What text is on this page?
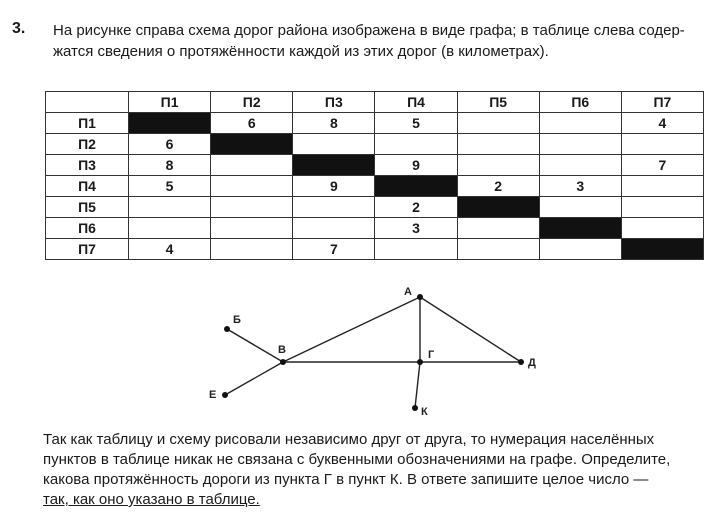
3. На рисунке справа схема дорог района изображена в виде графа; в таблице слева содер-
жатся сведения о протяжённости каждой из этих дорог (в километрах).

	П1	П2	П3	П4	П5	П6	П7
П1		6	8	5			4
П2	6						
П3	8			9			7
П4	5		9		2	3	
П5				2			
П6				3			
П7	4		7				
А
Б
В	Г
Д
Е
К

Так как таблицу и схему рисовали независимо друг от друга, то нумерация населённых
пунктов в таблице никак не связана с буквенными обозначениями на графе. Определите,
какова протяжённость дороги из пункта Г в пункт К. В ответе запишите целое число —
так, как оно указано в таблице.
